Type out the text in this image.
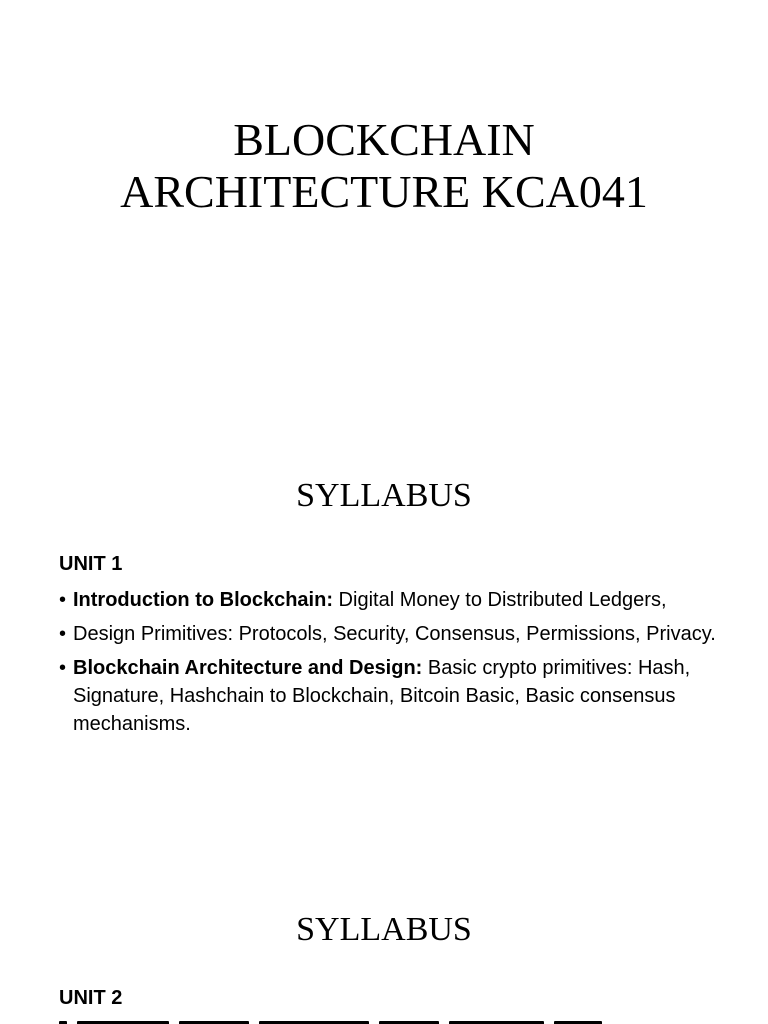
BLOCKCHAIN
ARCHITECTURE KCA041
SYLLABUS
UNIT 1
• Introduction to Blockchain: Digital Money to Distributed Ledgers,
• Design Primitives: Protocols, Security, Consensus, Permissions, Privacy.
• Blockchain Architecture and Design: Basic crypto primitives: Hash, Signature, Hashchain to Blockchain, Bitcoin Basic, Basic consensus mechanisms.
SYLLABUS
UNIT 2
